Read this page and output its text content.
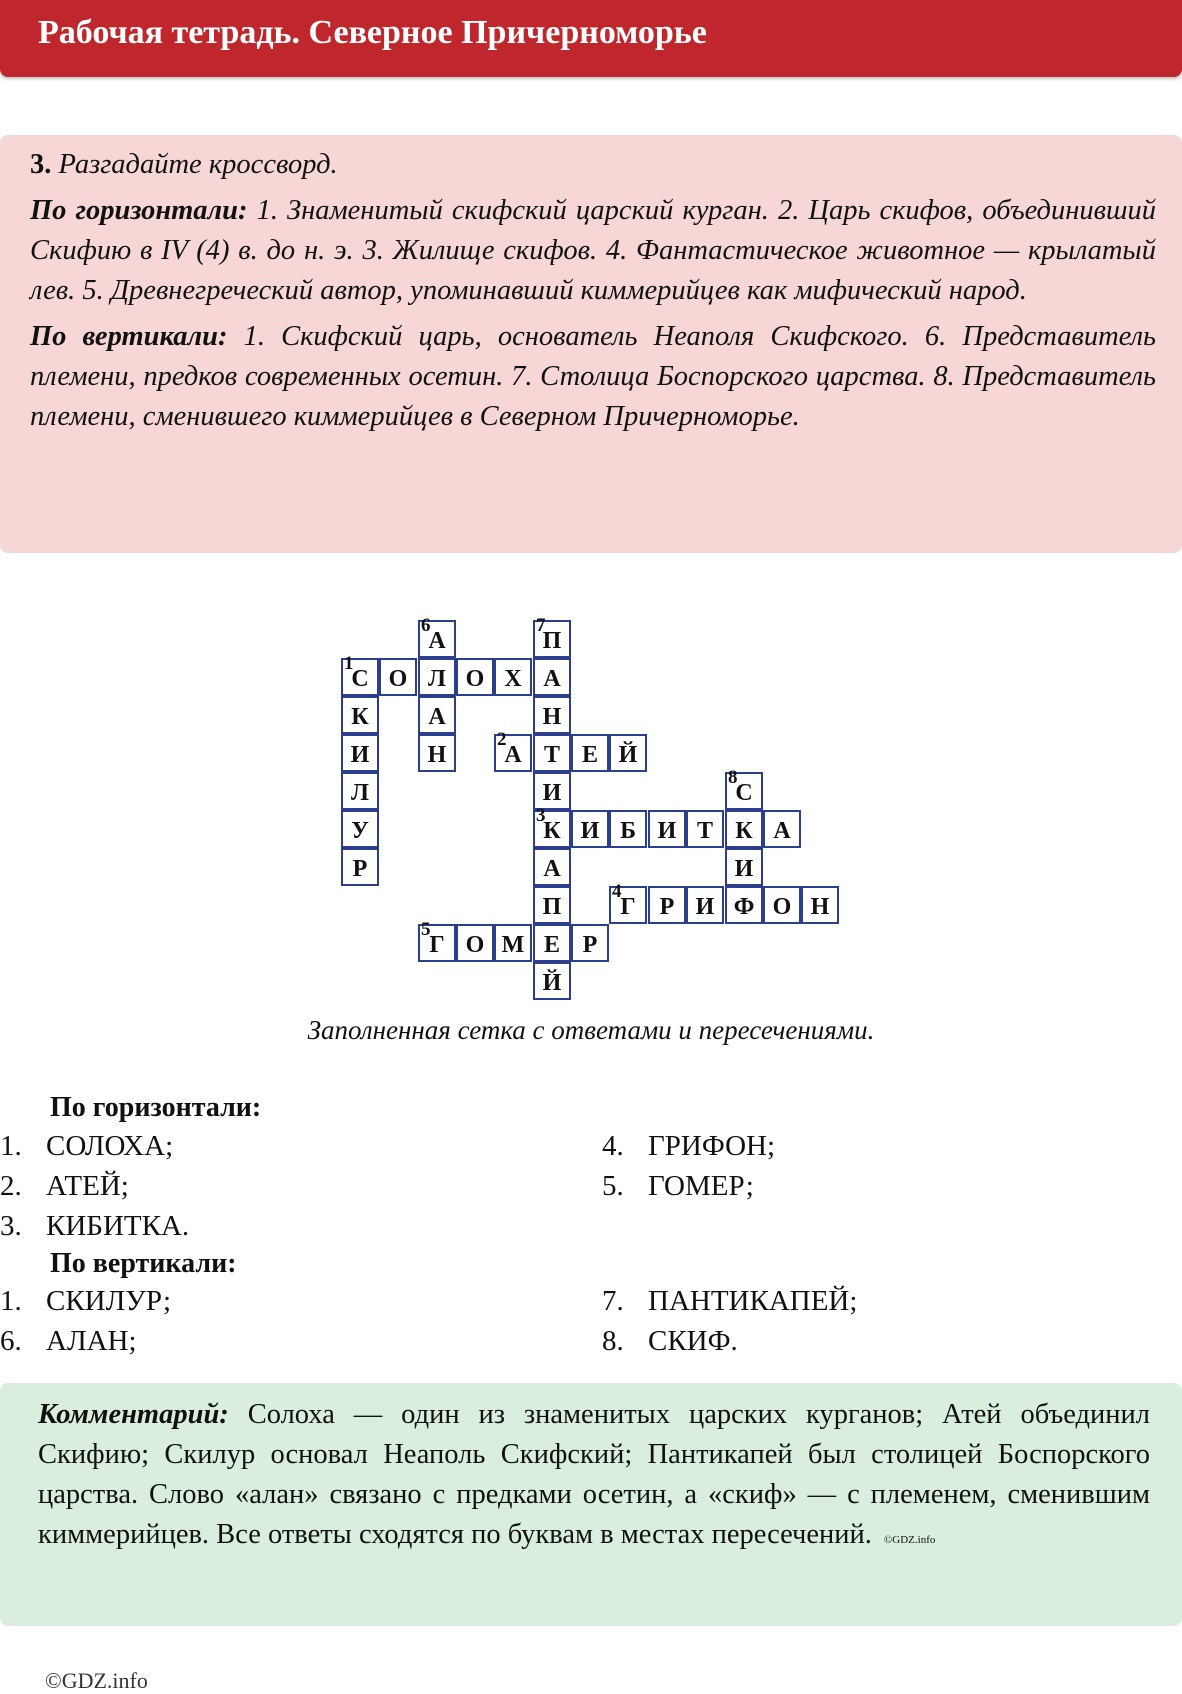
Рабочая тетрадь. Северное Причерноморье

3. Разгадайте кроссворд.

По горизонтали: 1. Знаменитый скифский царский курган. 2. Царь скифов, объединивший Скифию в IV (4) в. до н. э. 3. Жилище скифов. 4. Фантастическое животное — крылатый лев. 5. Древнегреческий автор, упоминавший киммерийцев как мифический народ.

По вертикали: 1. Скифский царь, основатель Неаполя Скифского. 6. Представитель племени, предков современных осетин. 7. Столица Боспорского царства. 8. Представитель племени, сменившего киммерийцев в Северном Причерноморье.

6
А
7
П
1
С О Л О Х А
К	А	Н
И	Н
2
А Т Е Й
Л	И
8
С
У
3
К И Б И Т К А
Р	А	И
П
4
Г	Р И Ф О Н
5
Г О М Е Р
Й
Заполненная сетка с ответами и пересечениями.
По горизонтали:
1. СОЛОХА;
2. АТЕЙ;
3. КИБИТКА.
4. ГРИФОН;
5. ГОМЕР;
По вертикали:
1. СКИЛУР;
6. АЛАН;
7. ПАНТИКАПЕЙ;
8. СКИФ.
Комментарий: Солоха — один из знаменитых царских курганов; Атей объединил Скифию; Скилур основал Неаполь Скифский; Пантикапей был столицей Боспорского царства. Слово «алан» связано с предками осетин, а «скиф» — с племенем, сменившим киммерийцев. Все ответы сходятся по буквам в местах пересечений. ©GDZ.info
©GDZ.info
